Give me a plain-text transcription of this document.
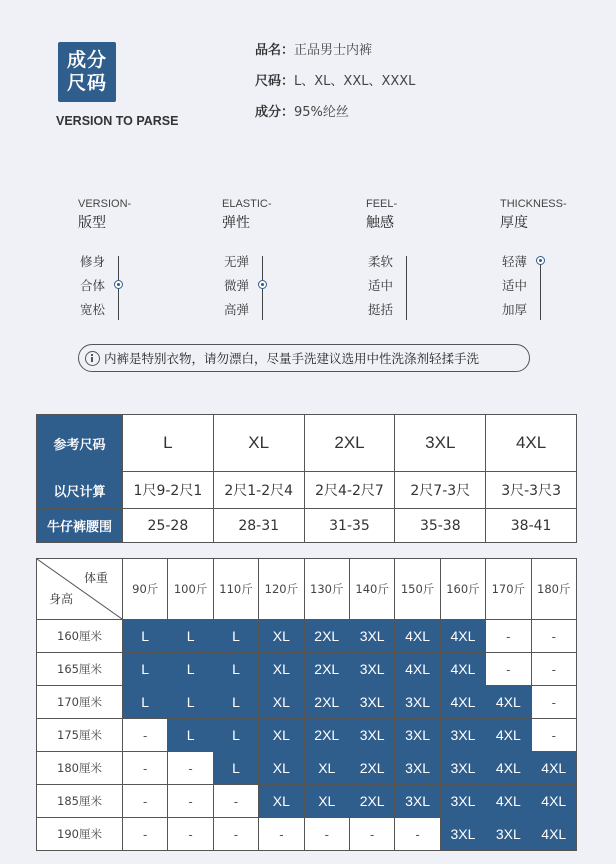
成分
尺码
VERSION TO PARSE
品名：正品男士内裤
尺码：L、XL、XXL、XXXL
成分：95%纶丝
VERSION-
版型
修身
合体
宽松
ELASTIC-
弹性
无弹
微弹
高弹
FEEL-
触感
柔软
适中
挺括
THICKNESS-
厚度
轻薄
适中
加厚
内裤是特别衣物，请勿漂白，尽量手洗建议选用中性洗涤剂轻揉手洗
参考尺码	L	XL	2XL	3XL	4XL
以尺计算	1尺9-2尺1	2尺1-2尺4	2尺4-2尺7	2尺7-3尺	3尺-3尺3
牛仔裤腰围	25-28	28-31	31-35	35-38	38-41
体重
身高	90斤	100斤	110斤	120斤	130斤	140斤	150斤	160斤	170斤	180斤
160厘米	L	L	L	XL	2XL	3XL	4XL	4XL	-	-
165厘米	L	L	L	XL	2XL	3XL	4XL	4XL	-	-
170厘米	L	L	L	XL	2XL	3XL	3XL	4XL	4XL	-
175厘米	-	L	L	XL	2XL	3XL	3XL	3XL	4XL	-
180厘米	-	-	L	XL	XL	2XL	3XL	3XL	4XL	4XL
185厘米	-	-	-	XL	XL	2XL	3XL	3XL	4XL	4XL
190厘米	-	-	-	-	-	-	-	3XL	3XL	4XL
